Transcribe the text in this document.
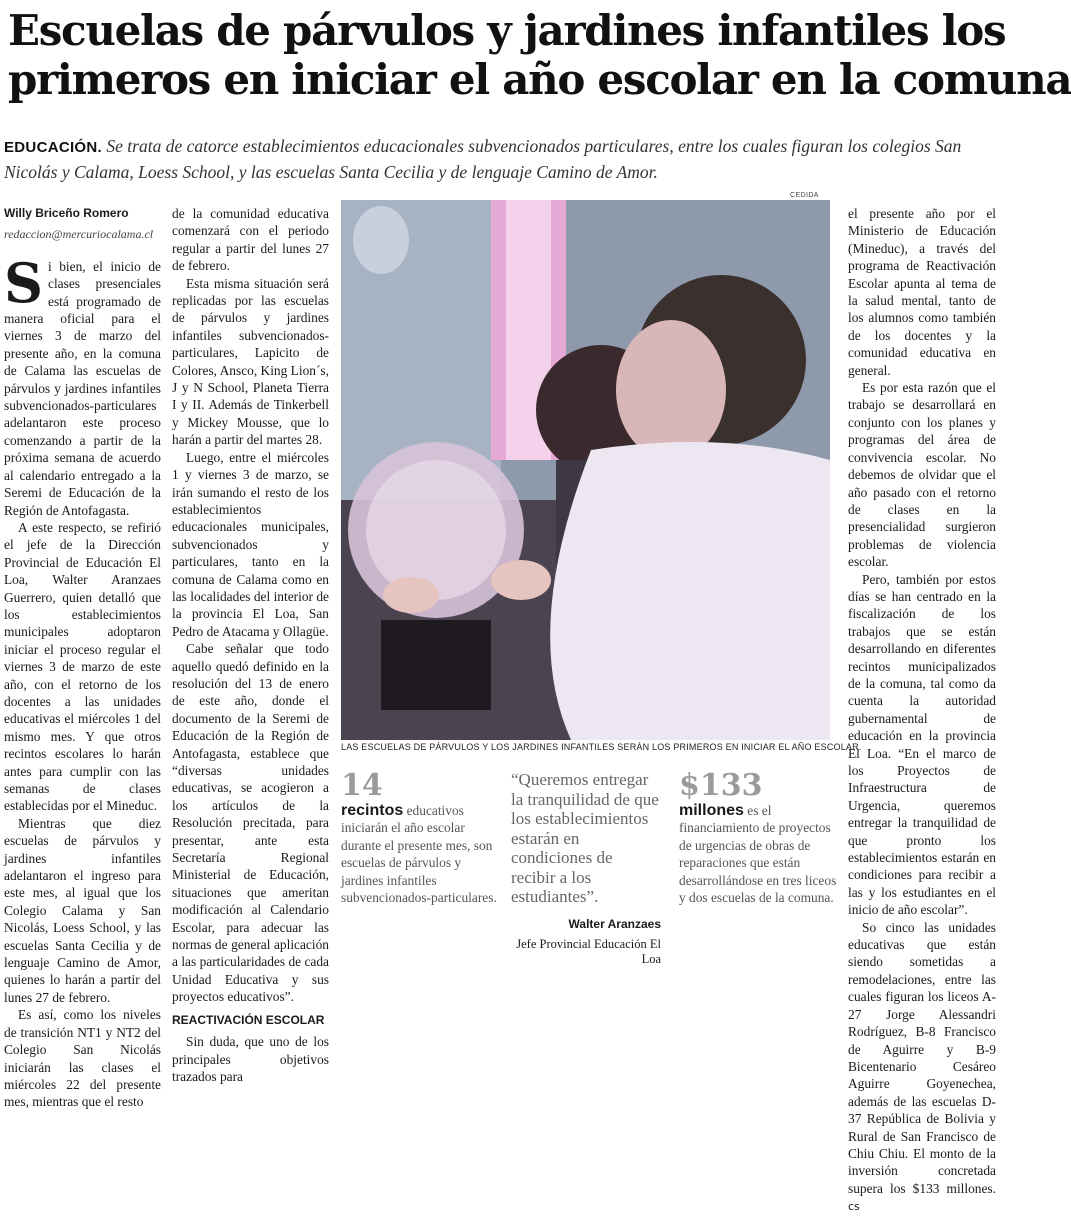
Escuelas de párvulos y jardines infantiles los
primeros en iniciar el año escolar en la comuna
EDUCACIÓN. Se trata de catorce establecimientos educacionales subvencionados particulares, entre los cuales figuran los colegios San Nicolás y Calama, Loess School, y las escuelas Santa Cecilia y de lenguaje Camino de Amor.
Willy Briceño Romero
redaccion@mercuriocalama.cl

Si bien, el inicio de clases presenciales está programado de manera oficial para el viernes 3 de marzo del presente año, en la comuna de Calama las escuelas de párvulos y jardines infantiles subvencionados-particulares adelantaron este proceso comenzando a partir de la próxima semana de acuerdo al calendario entregado a la Seremi de Educación de la Región de Antofagasta.

A este respecto, se refirió el jefe de la Dirección Provincial de Educación El Loa, Walter Aranzaes Guerrero, quien detalló que los establecimientos municipales adoptaron iniciar el proceso regular el viernes 3 de marzo de este año, con el retorno de los docentes a las unidades educativas el miércoles 1 del mismo mes. Y que otros recintos escolares lo harán antes para cumplir con las semanas de clases establecidas por el Mineduc.

Mientras que diez escuelas de párvulos y jardines infantiles adelantaron el ingreso para este mes, al igual que los Colegio Calama y San Nicolás, Loess School, y las escuelas Santa Cecilia y de lenguaje Camino de Amor, quienes lo harán a partir del lunes 27 de febrero.

Es así, como los niveles de transición NT1 y NT2 del Colegio San Nicolás iniciarán las clases el miércoles 22 del presente mes, mientras que el resto

de la comunidad educativa comenzará con el periodo regular a partir del lunes 27 de febrero.

Esta misma situación será replicadas por las escuelas de párvulos y jardines infantiles subvencionados-particulares, Lapicito de Colores, Ansco, King Lion´s, J y N School, Planeta Tierra I y II. Además de Tinkerbell y Mickey Mousse, que lo harán a partir del martes 28.

Luego, entre el miércoles 1 y viernes 3 de marzo, se irán sumando el resto de los establecimientos educacionales municipales, subvencionados y particulares, tanto en la comuna de Calama como en las localidades del interior de la provincia El Loa, San Pedro de Atacama y Ollagüe.

Cabe señalar que todo aquello quedó definido en la resolución del 13 de enero de este año, donde el documento de la Seremi de Educación de la Región de Antofagasta, establece que “diversas unidades educativas, se acogieron a los artículos de la Resolución precitada, para presentar, ante esta Secretaría Regional Ministerial de Educación, situaciones que ameritan modificación al Calendario Escolar, para adecuar las normas de general aplicación a las particularidades de cada Unidad Educativa y sus proyectos educativos”.

REACTIVACIÓN ESCOLAR

Sin duda, que uno de los principales objetivos trazados para

CEDIDA
LAS ESCUELAS DE PÁRVULOS Y LOS JARDINES INFANTILES SERÁN LOS PRIMEROS EN INICIAR EL AÑO ESCOLAR.
14
recintos educativos iniciarán el año escolar durante el presente mes, son escuelas de párvulos y jardines infantiles subvencionados-particulares.
“Queremos entregar la tranquilidad de que los establecimientos estarán en condiciones de recibir a los estudiantes”.
Walter Aranzaes
Jefe Provincial Educación El Loa
$133
millones es el financiamiento de proyectos de urgencias de obras de reparaciones que están desarrollándose en tres liceos y dos escuelas de la comuna.

el presente año por el Ministerio de Educación (Mineduc), a través del programa de Reactivación Escolar apunta al tema de la salud mental, tanto de los alumnos como también de los docentes y la comunidad educativa en general.

Es por esta razón que el trabajo se desarrollará en conjunto con los planes y programas del área de convivencia escolar. No debemos de olvidar que el año pasado con el retorno de clases en la presencialidad surgieron problemas de violencia escolar.

Pero, también por estos días se han centrado en la fiscalización de los trabajos que se están desarrollando en diferentes recintos municipalizados de la comuna, tal como da cuenta la autoridad gubernamental de educación en la provincia El Loa. “En el marco de los Proyectos de Infraestructura de Urgencia, queremos entregar la tranquilidad de que pronto los establecimientos estarán en condiciones para recibir a las y los estudiantes en el inicio de año escolar”.

So cinco las unidades educativas que están siendo sometidas a remodelaciones, entre las cuales figuran los liceos A-27 Jorge Alessandri Rodríguez, B-8 Francisco de Aguirre y B-9 Bicentenario Cesáreo Aguirre Goyenechea, además de las escuelas D-37 República de Bolivia y Rural de San Francisco de Chiu Chiu. El monto de la inversión concretada supera los $133 millones. cs
